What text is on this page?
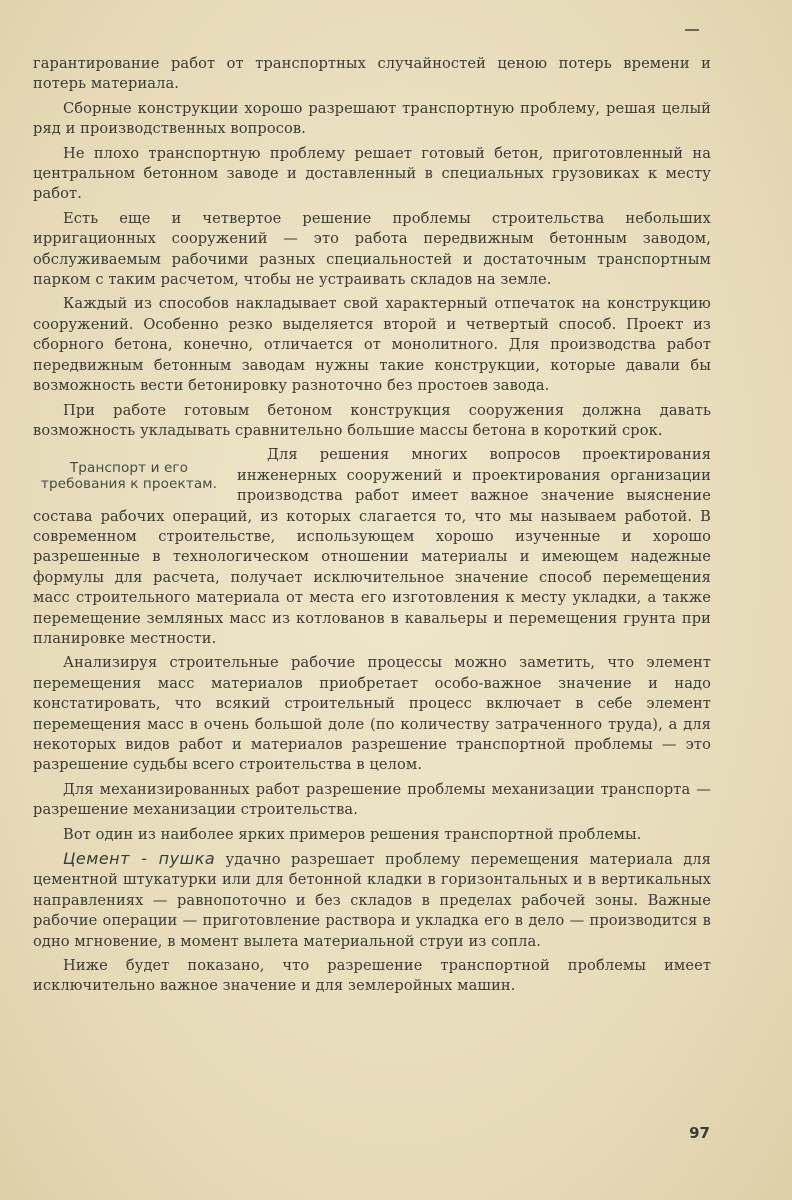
гарантирование работ от транспортных случайностей ценою потерь времени и потерь материала.

Сборные конструкции хорошо разрешают транспортную проблему, решая целый ряд и производственных вопросов.

Не плохо транспортную проблему решает готовый бетон, приготовленный на центральном бетонном заводе и доставленный в специальных грузовиках к месту работ.

Есть еще и четвертое решение проблемы строительства небольших ирригационных сооружений — это работа передвижным бетонным заводом, обслуживаемым рабочими разных специальностей и достаточным транспортным парком с таким расчетом, чтобы не устраивать складов на земле.

Каждый из способов накладывает свой характерный отпечаток на конструкцию сооружений. Особенно резко выделяется второй и четвертый способ. Проект из сборного бетона, конечно, отличается от монолитного. Для производства работ передвижным бетонным заводам нужны такие конструкции, которые давали бы возможность вести бетонировку разноточно без простоев завода.

При работе готовым бетоном конструкция сооружения должна давать возможность укладывать сравнительно большие массы бетона в короткий срок.

Транспорт и его требования к проектам.

Для решения многих вопросов проектирования инженерных сооружений и проектирования организации производства работ имеет важное значение выяснение состава рабочих операций, из которых слагается то, что мы называем работой. В современном строительстве, использующем хорошо изученные и хорошо разрешенные в технологическом отношении материалы и имеющем надежные формулы для расчета, получает исключительное значение способ перемещения масс строительного материала от места его изготовления к месту укладки, а также перемещение земляных масс из котлованов в кавальеры и перемещения грунта при планировке местности.

Анализируя строительные рабочие процессы можно заметить, что элемент перемещения масс материалов приобретает особо-важное значение и надо констатировать, что всякий строительный процесс включает в себе элемент перемещения масс в очень большой доле (по количеству затраченного труда), а для некоторых видов работ и материалов разрешение транспортной проблемы — это разрешение судьбы всего строительства в целом.

Для механизированных работ разрешение проблемы механизации транспорта — разрешение механизации строительства.

Вот один из наиболее ярких примеров решения транспортной проблемы.

Цемент - пушка удачно разрешает проблему перемещения материала для цементной штукатурки или для бетонной кладки в горизонтальных и в вертикальных направлениях — равнопоточно и без складов в пределах рабочей зоны. Важные рабочие операции — приготовление раствора и укладка его в дело — производится в одно мгновение, в момент вылета материальной струи из сопла.

Ниже будет показано, что разрешение транспортной проблемы имеет исключительно важное значение и для землеройных машин.

97
